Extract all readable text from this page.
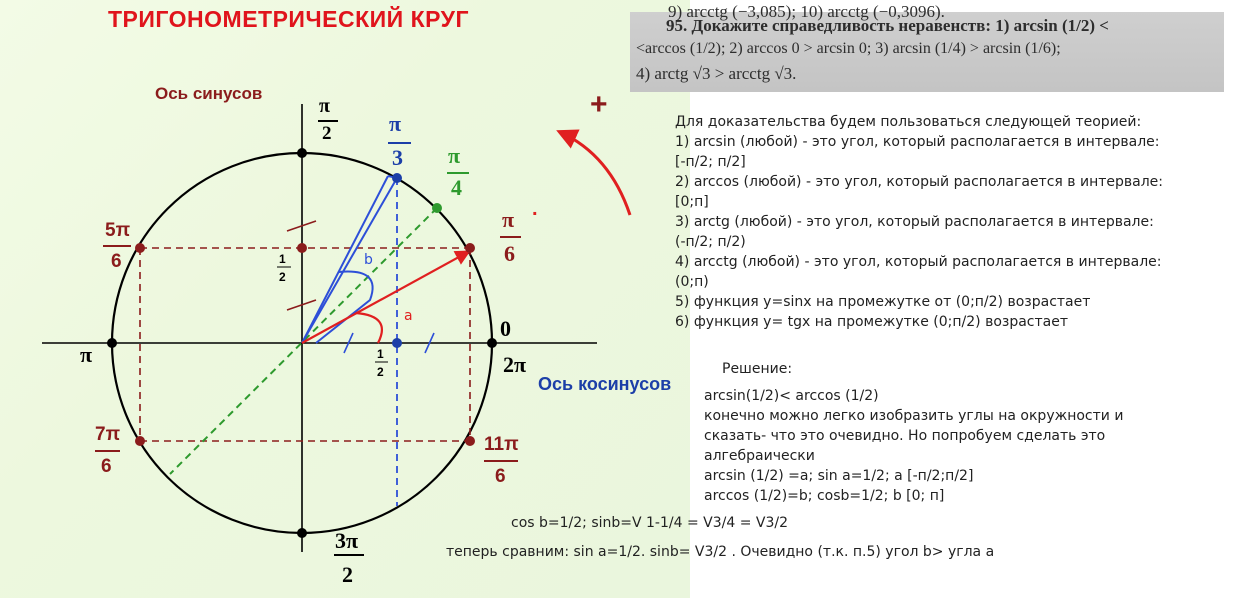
ТРИГОНОМЕТРИЧЕСКИЙ КРУГ
Ось синусов
Ось косинусов
π
2	π
3 π
4
π
6
5π
6
7π
6
11π
6
3π
2
0
2π
π
1
2
1
2
a
b
+
.
9) arcctg (−3,085); 10) arcctg (−0,3096).
95. Докажите справедливость неравенств: 1) arcsin (1/2) <
<arccos (1/2); 2) arccos 0 > arcsin 0; 3) arcsin (1/4) > arcsin (1/6);
4) arctg √3 > arcctg √3.
Для доказательства будем пользоваться следующей теорией:
1) arcsin (любой) - это угол, который располагается в интервале:
[-п/2; п/2]
2) arccos (любой) - это угол, который располагается в интервале:
[0;п]
3) arctg (любой) - это угол, который располагается в интервале:
(-п/2; п/2)
4) arcctg (любой) - это угол, который располагается в интервале:
(0;п)
5) функция y=sinx на промежутке от (0;п/2) возрастает
6) функция y= tgx на промежутке (0;п/2) возрастает
Решение:
arcsin(1/2)< arccos (1/2)
конечно можно легко изобразить углы на окружности и
сказать- что это очевидно. Но попробуем сделать это
алгебраически
arcsin (1/2) =a; sin a=1/2; a [-п/2;п/2]
arccos (1/2)=b; cosb=1/2; b [0; п]
cos b=1/2; sinb=V 1-1/4 = V3/4 = V3/2
теперь сравним: sin a=1/2. sinb= V3/2 . Очевидно (т.к. п.5) угол b> угла a
